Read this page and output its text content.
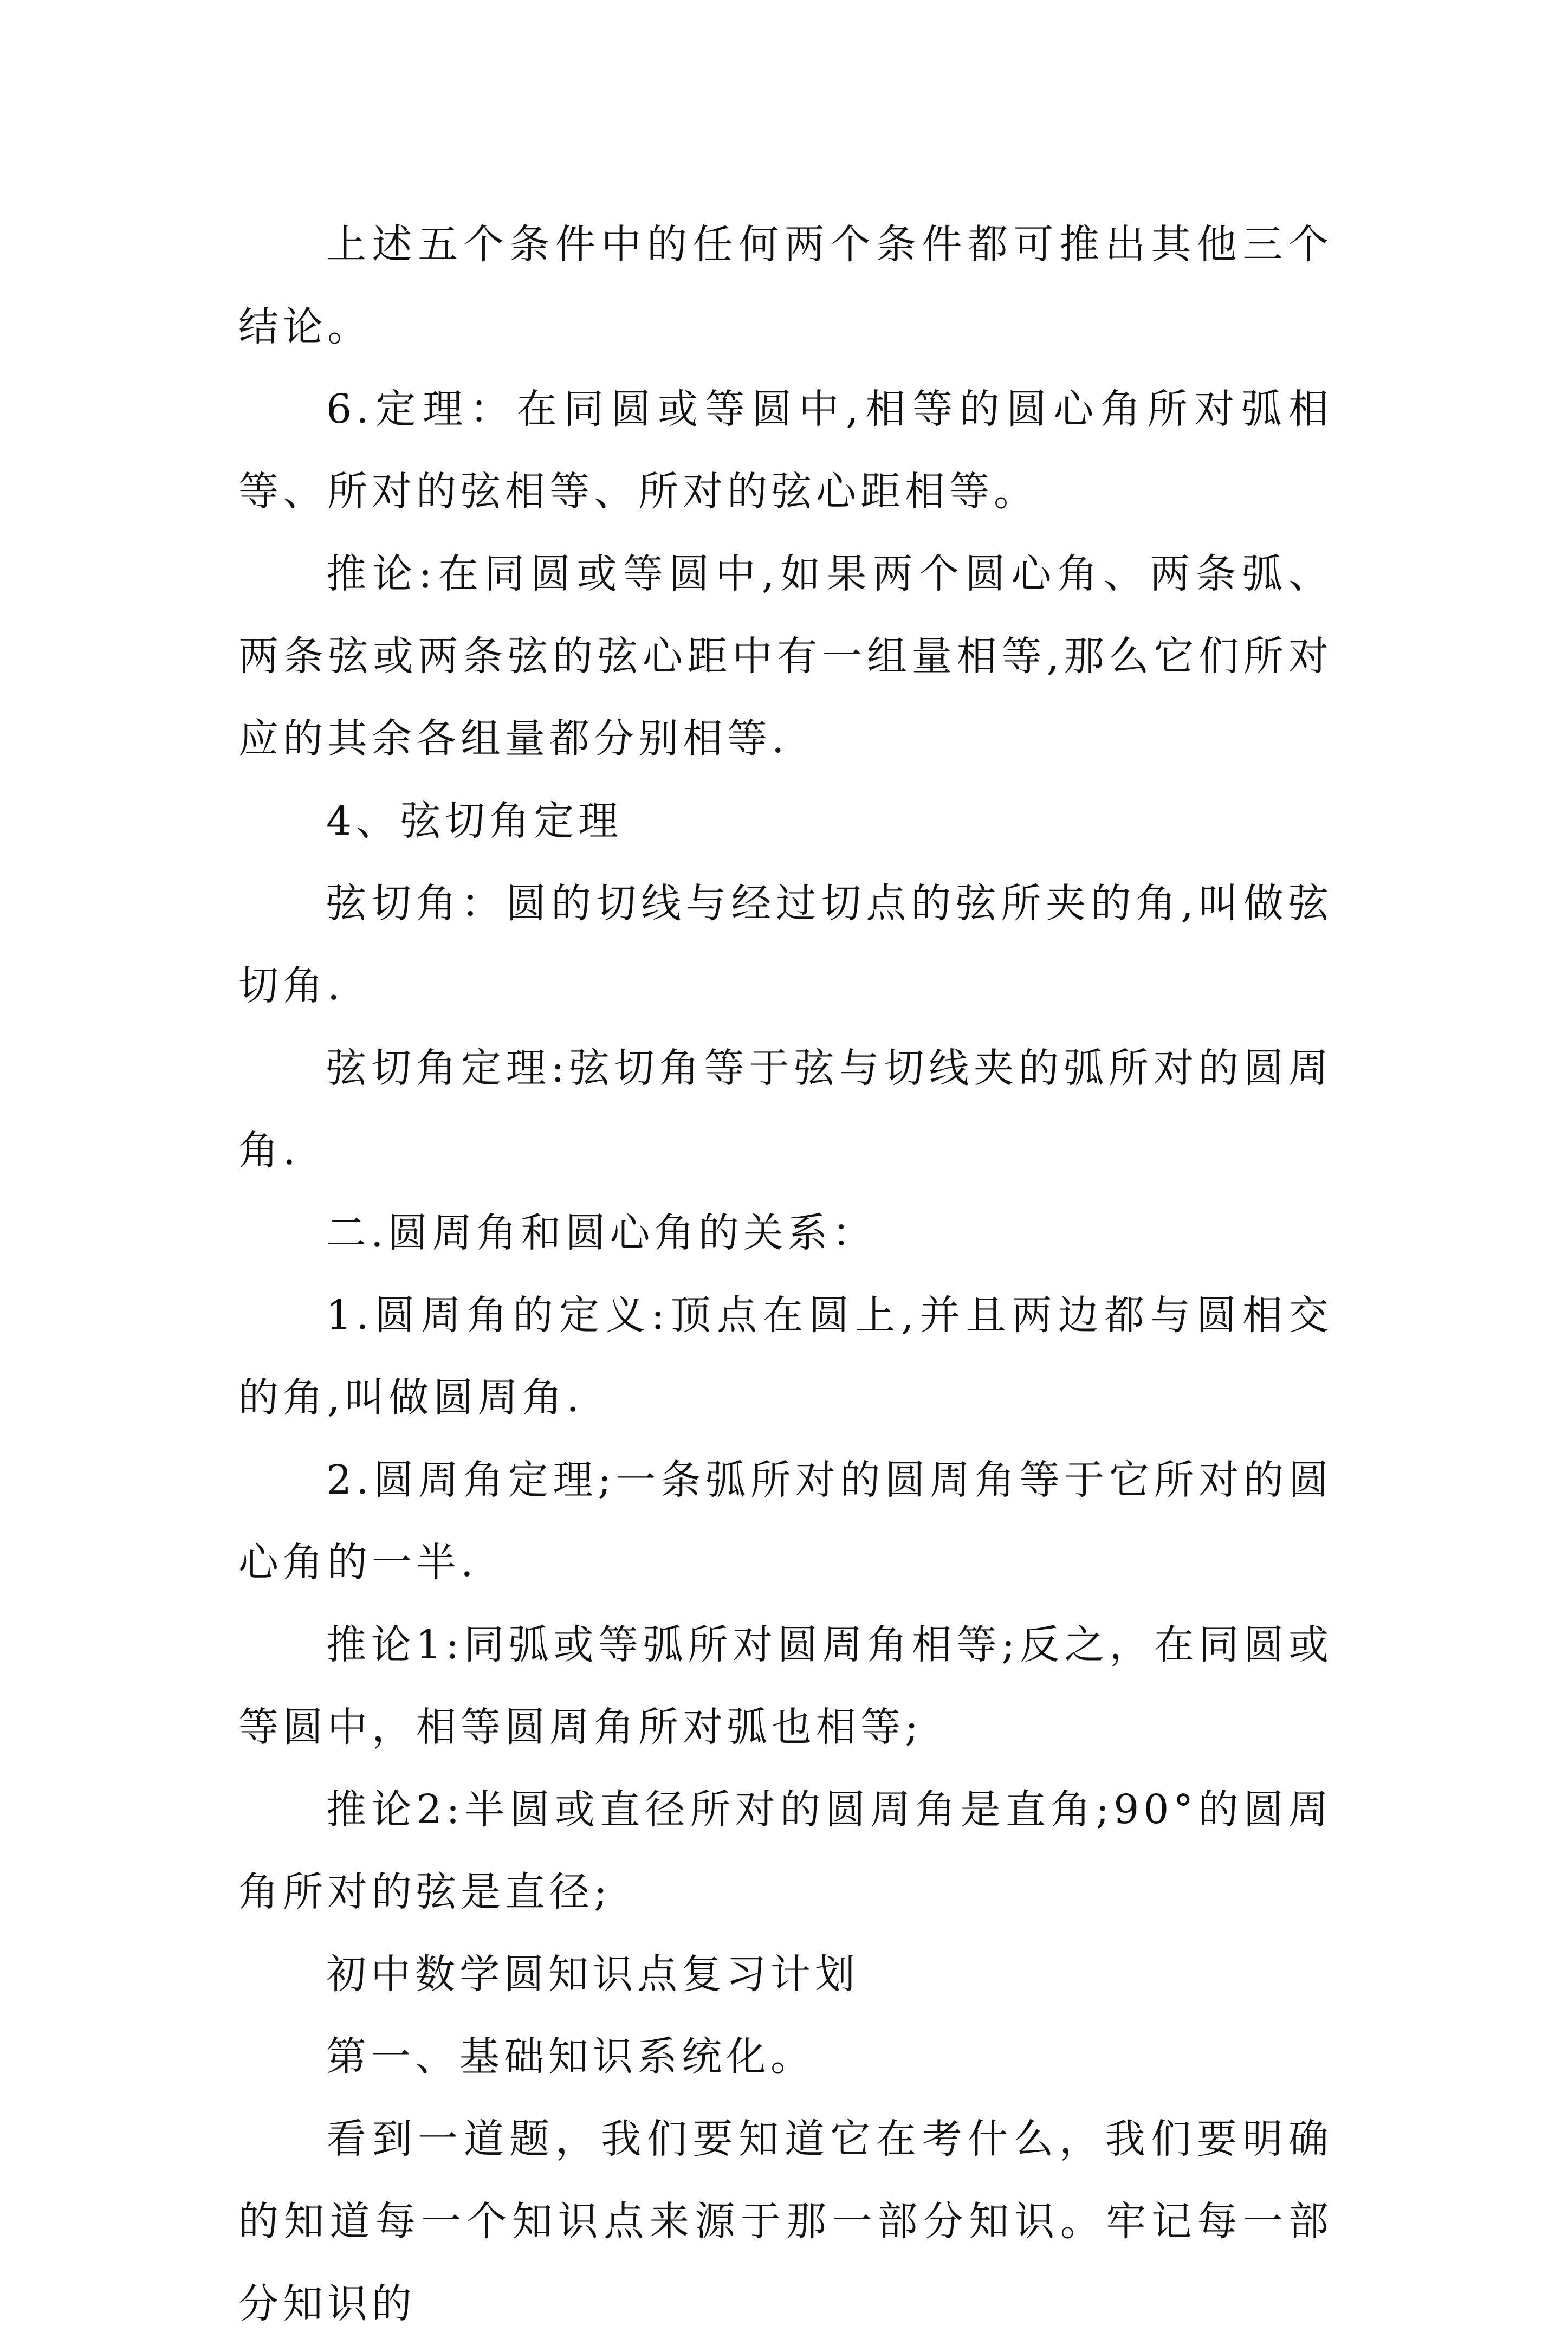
上述五个条件中的任何两个条件都可推出其他三个结论。

6.定理：在同圆或等圆中,相等的圆心角所对弧相等、所对的弦相等、所对的弦心距相等。

推论:在同圆或等圆中,如果两个圆心角、两条弧、两条弦或两条弦的弦心距中有一组量相等,那么它们所对应的其余各组量都分别相等.

4、弦切角定理

弦切角：圆的切线与经过切点的弦所夹的角,叫做弦切角.

弦切角定理:弦切角等于弦与切线夹的弧所对的圆周角.

二.圆周角和圆心角的关系：

1.圆周角的定义:顶点在圆上,并且两边都与圆相交的角,叫做圆周角.

2.圆周角定理;一条弧所对的圆周角等于它所对的圆心角的一半.

推论1:同弧或等弧所对圆周角相等;反之，在同圆或等圆中，相等圆周角所对弧也相等;

推论2:半圆或直径所对的圆周角是直角;90°的圆周角所对的弦是直径;

初中数学圆知识点复习计划

第一、基础知识系统化。

看到一道题，我们要知道它在考什么，我们要明确的知道每一个知识点来源于那一部分知识。牢记每一部分知识的
